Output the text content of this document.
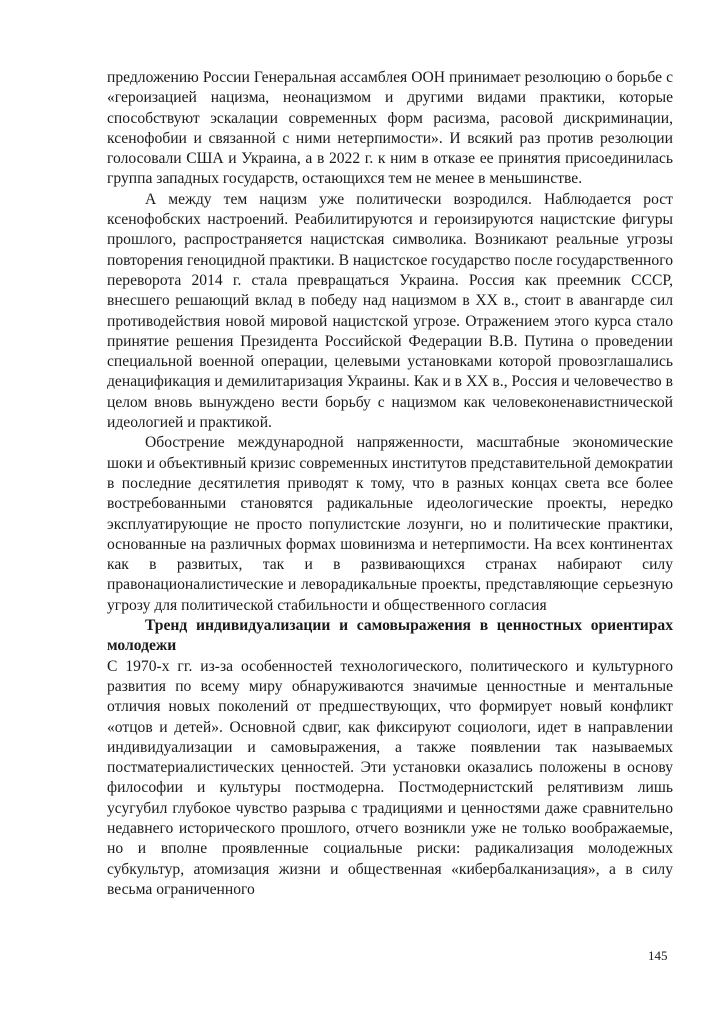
предложению России Генеральная ассамблея ООН принимает резолюцию о борьбе с «героизацией нацизма, неонацизмом и другими видами практики, которые способствуют эскалации современных форм расизма, расовой дискриминации, ксенофобии и связанной с ними нетерпимости». И всякий раз против резолюции голосовали США и Украина, а в 2022 г. к ним в отказе ее принятия присоединилась группа западных государств, остающихся тем не менее в меньшинстве.

А между тем нацизм уже политически возродился. Наблюдается рост ксенофобских настроений. Реабилитируются и героизируются нацистские фигуры прошлого, распространяется нацистская символика. Возникают реальные угрозы повторения геноцидной практики. В нацистское государство после государственного переворота 2014 г. стала превращаться Украина. Россия как преемник СССР, внесшего решающий вклад в победу над нацизмом в XX в., стоит в авангарде сил противодействия новой мировой нацистской угрозе. Отражением этого курса стало принятие решения Президента Российской Федерации В.В. Путина о проведении специальной военной операции, целевыми установками которой провозглашались денацификация и демилитаризация Украины. Как и в XX в., Россия и человечество в целом вновь вынуждено вести борьбу с нацизмом как человеконенавистнической идеологией и практикой.

Обострение международной напряженности, масштабные экономические шоки и объективный кризис современных институтов представительной демократии в последние десятилетия приводят к тому, что в разных концах света все более востребованными становятся радикальные идеологические проекты, нередко эксплуатирующие не просто популистские лозунги, но и политические практики, основанные на различных формах шовинизма и нетерпимости. На всех континентах как в развитых, так и в развивающихся странах набирают силу правонационалистические и леворадикальные проекты, представляющие серьезную угрозу для политической стабильности и общественного согласия

Тренд индивидуализации и самовыражения в ценностных ориентирах молодежи

С 1970-х гг. из-за особенностей технологического, политического и культурного развития по всему миру обнаруживаются значимые ценностные и ментальные отличия новых поколений от предшествующих, что формирует новый конфликт «отцов и детей». Основной сдвиг, как фиксируют социологи, идет в направлении индивидуализации и самовыражения, а также появлении так называемых постматериалистических ценностей. Эти установки оказались положены в основу философии и культуры постмодерна. Постмодернистский релятивизм лишь усугубил глубокое чувство разрыва с традициями и ценностями даже сравнительно недавнего исторического прошлого, отчего возникли уже не только воображаемые, но и вполне проявленные социальные риски: радикализация молодежных субкультур, атомизация жизни и общественная «кибербалканизация», а в силу весьма ограниченного

145
